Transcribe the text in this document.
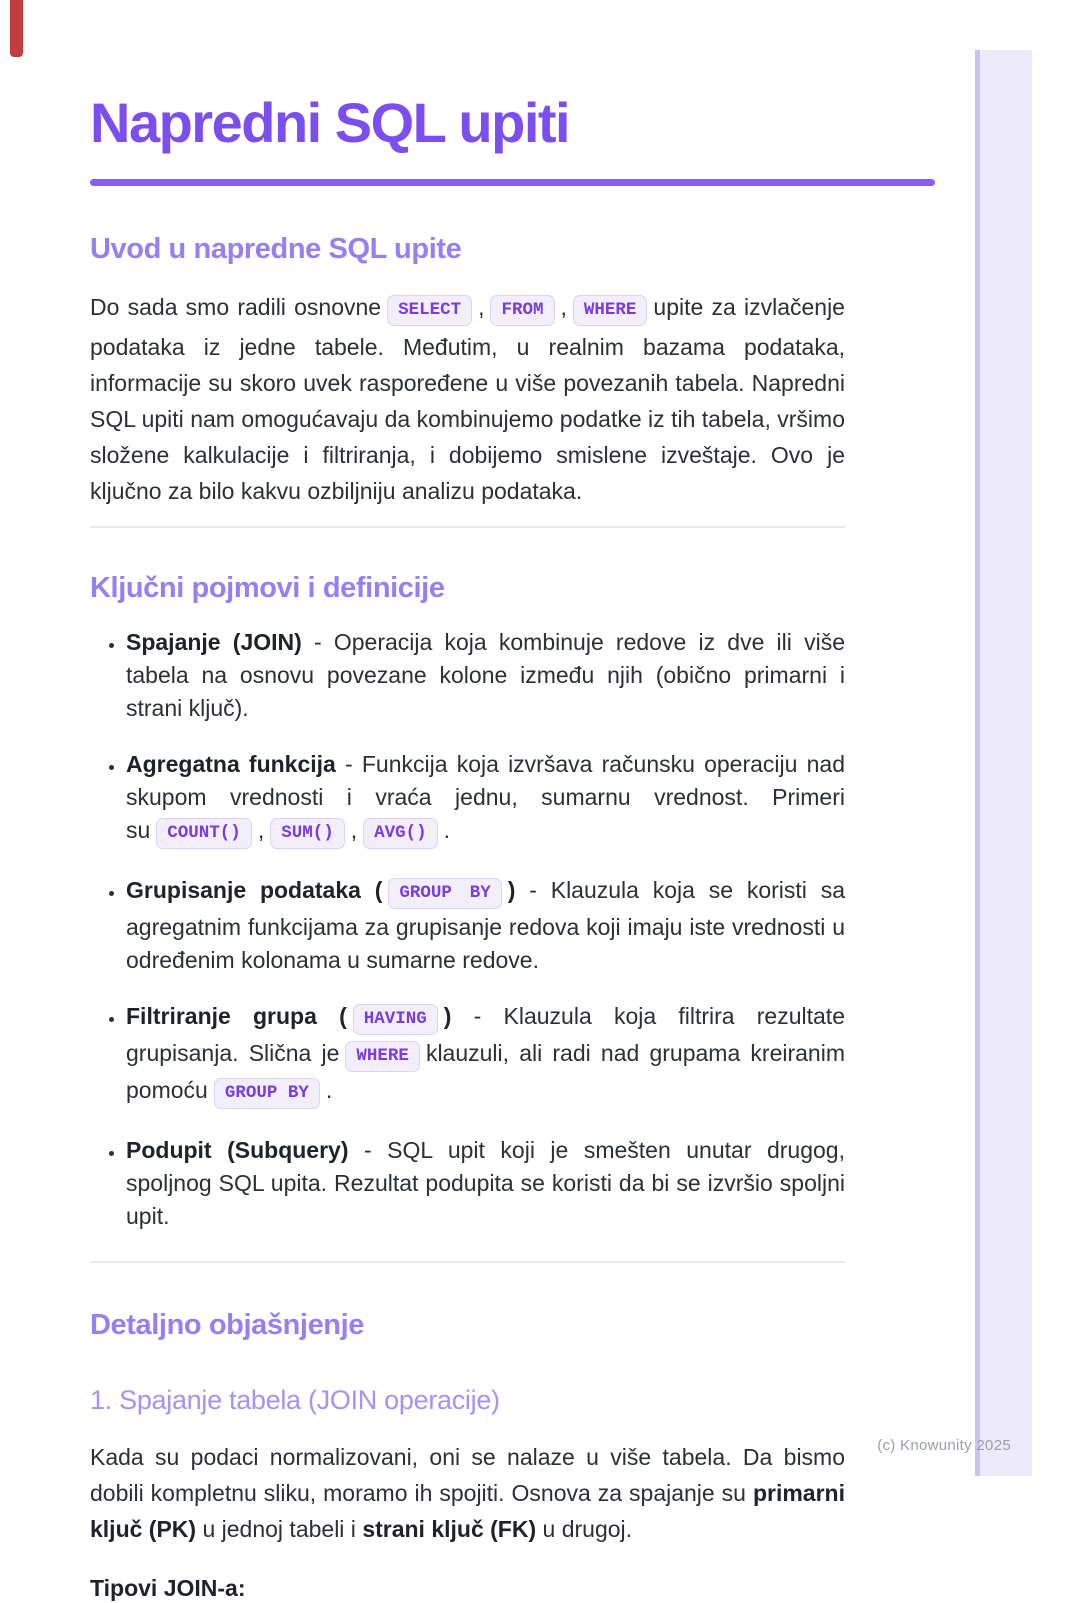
Napredni SQL upiti
Uvod u napredne SQL upite

Do sada smo radili osnovne SELECT , FROM , WHERE upite za izvlačenje podataka iz jedne tabele. Međutim, u realnim bazama podataka, informacije su skoro uvek raspoređene u više povezanih tabela. Napredni SQL upiti nam omogućavaju da kombinujemo podatke iz tih tabela, vršimo složene kalkulacije i filtriranja, i dobijemo smislene izveštaje. Ovo je ključno za bilo kakvu ozbiljniju analizu podataka.

Ključni pojmovi i definicije
• Spajanje (JOIN) - Operacija koja kombinuje redove iz dve ili više tabela na osnovu povezane kolone između njih (obično primarni i strani ključ).
• Agregatna funkcija - Funkcija koja izvršava računsku operaciju nad skupom vrednosti i vraća jednu, sumarnu vrednost. Primeri su COUNT() , SUM() , AVG() .
• Grupisanje podataka ( GROUP BY ) - Klauzula koja se koristi sa agregatnim funkcijama za grupisanje redova koji imaju iste vrednosti u određenim kolonama u sumarne redove.
• Filtriranje grupa ( HAVING ) - Klauzula koja filtrira rezultate grupisanja. Slična je WHERE klauzuli, ali radi nad grupama kreiranim pomoću GROUP BY .
• Podupit (Subquery) - SQL upit koji je smešten unutar drugog, spoljnog SQL upita. Rezultat podupita se koristi da bi se izvršio spoljni upit.
Detaljno objašnjenje
1. Spajanje tabela (JOIN operacije)

Kada su podaci normalizovani, oni se nalaze u više tabela. Da bismo dobili kompletnu sliku, moramo ih spojiti. Osnova za spajanje su primarni ključ (PK) u jednoj tabeli i strani ključ (FK) u drugoj.

Tipovi JOIN-a:

(c) Knowunity 2025
